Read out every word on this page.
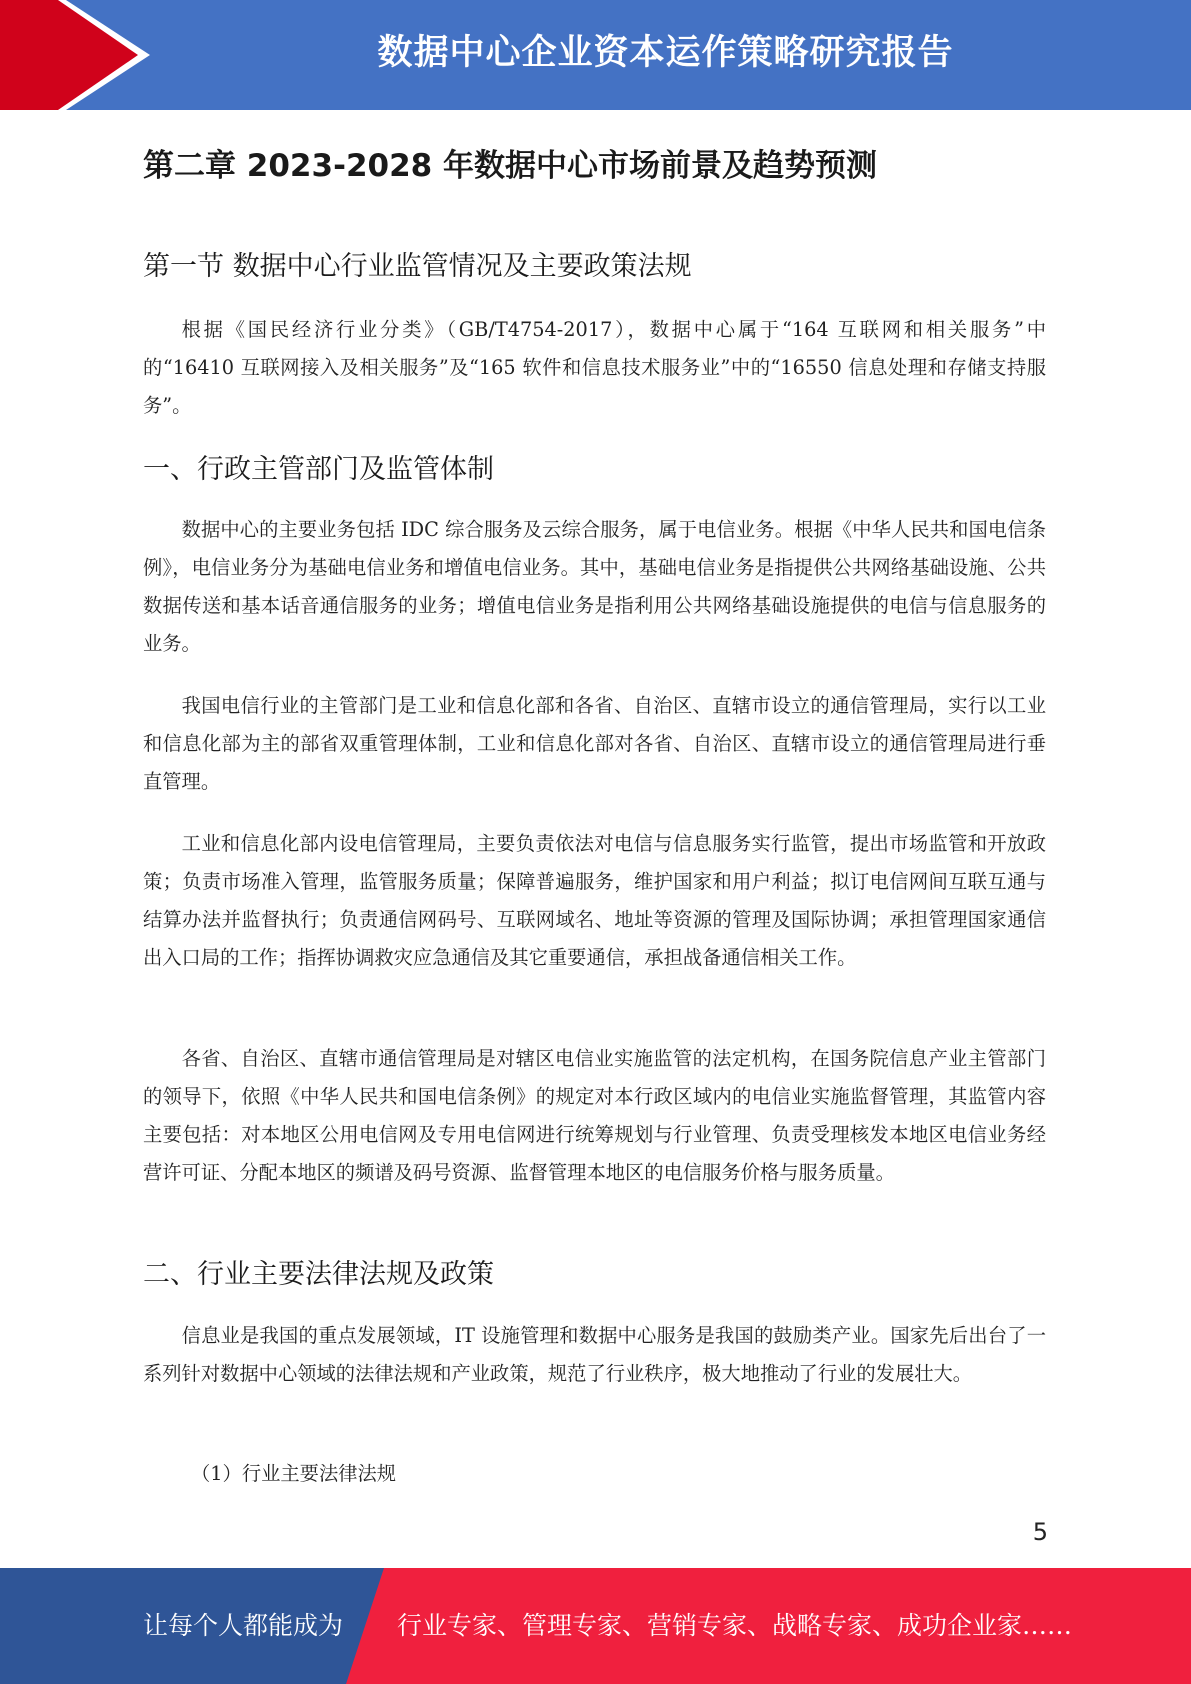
数据中心企业资本运作策略研究报告
第二章 2023-2028 年数据中心市场前景及趋势预测
第一节 数据中心行业监管情况及主要政策法规

根据《国民经济行业分类》（GB/T4754-2017），数据中心属于“164 互联网和相关服务”中的“16410 互联网接入及相关服务”及“165 软件和信息技术服务业”中的“16550 信息处理和存储支持服务”。

一、行政主管部门及监管体制

数据中心的主要业务包括 IDC 综合服务及云综合服务，属于电信业务。根据《中华人民共和国电信条例》，电信业务分为基础电信业务和增值电信业务。其中，基础电信业务是指提供公共网络基础设施、公共数据传送和基本话音通信服务的业务；增值电信业务是指利用公共网络基础设施提供的电信与信息服务的业务。

我国电信行业的主管部门是工业和信息化部和各省、自治区、直辖市设立的通信管理局，实行以工业和信息化部为主的部省双重管理体制，工业和信息化部对各省、自治区、直辖市设立的通信管理局进行垂直管理。

工业和信息化部内设电信管理局，主要负责依法对电信与信息服务实行监管，提出市场监管和开放政策；负责市场准入管理，监管服务质量；保障普遍服务，维护国家和用户利益；拟订电信网间互联互通与结算办法并监督执行；负责通信网码号、互联网域名、地址等资源的管理及国际协调；承担管理国家通信出入口局的工作；指挥协调救灾应急通信及其它重要通信，承担战备通信相关工作。

各省、自治区、直辖市通信管理局是对辖区电信业实施监管的法定机构，在国务院信息产业主管部门的领导下，依照《中华人民共和国电信条例》的规定对本行政区域内的电信业实施监督管理，其监管内容主要包括：对本地区公用电信网及专用电信网进行统筹规划与行业管理、负责受理核发本地区电信业务经营许可证、分配本地区的频谱及码号资源、监督管理本地区的电信服务价格与服务质量。

二、行业主要法律法规及政策

信息业是我国的重点发展领域，IT 设施管理和数据中心服务是我国的鼓励类产业。国家先后出台了一系列针对数据中心领域的法律法规和产业政策，规范了行业秩序，极大地推动了行业的发展壮大。

（1）行业主要法律法规

5
让每个人都能成为 行业专家、管理专家、营销专家、战略专家、成功企业家……
